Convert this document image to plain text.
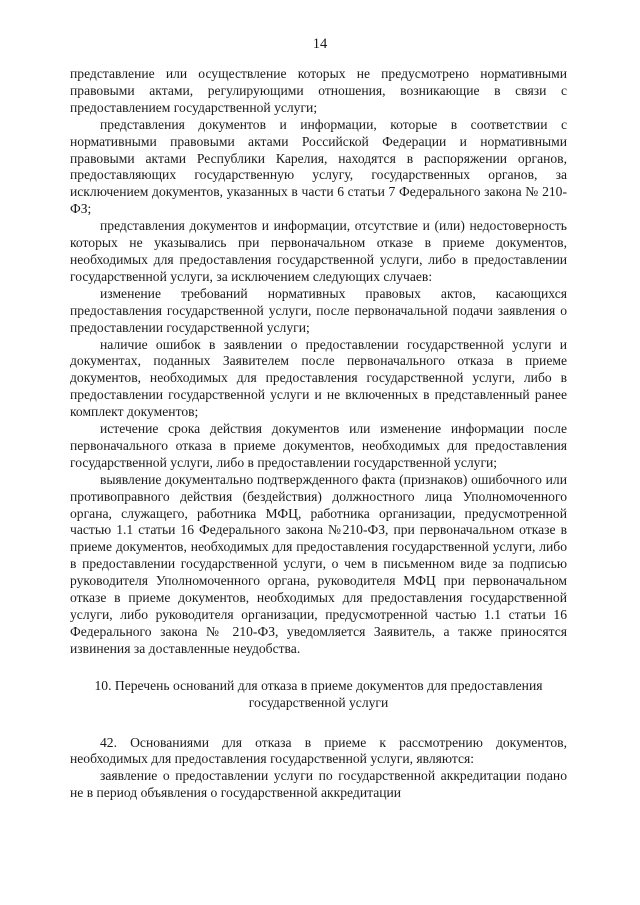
14

представление или осуществление которых не предусмотрено нормативными правовыми актами, регулирующими отношения, возникающие в связи с предоставлением государственной услуги;

представления документов и информации, которые в соответствии с нормативными правовыми актами Российской Федерации и нормативными правовыми актами Республики Карелия, находятся в распоряжении органов, предоставляющих государственную услугу, государственных органов, за исключением документов, указанных в части 6 статьи 7 Федерального закона № 210-ФЗ;

представления документов и информации, отсутствие и (или) недостоверность которых не указывались при первоначальном отказе в приеме документов, необходимых для предоставления государственной услуги, либо в предоставлении государственной услуги, за исключением следующих случаев:

изменение требований нормативных правовых актов, касающихся предоставления государственной услуги, после первоначальной подачи заявления о предоставлении государственной услуги;

наличие ошибок в заявлении о предоставлении государственной услуги и документах, поданных Заявителем после первоначального отказа в приеме документов, необходимых для предоставления государственной услуги, либо в предоставлении государственной услуги и не включенных в представленный ранее комплект документов;

истечение срока действия документов или изменение информации после первоначального отказа в приеме документов, необходимых для предоставления государственной услуги, либо в предоставлении государственной услуги;

выявление документально подтвержденного факта (признаков) ошибочного или противоправного действия (бездействия) должностного лица Уполномоченного органа, служащего, работника МФЦ, работника организации, предусмотренной частью 1.1 статьи 16 Федерального закона №210-ФЗ, при первоначальном отказе в приеме документов, необходимых для предоставления государственной услуги, либо в предоставлении государственной услуги, о чем в письменном виде за подписью руководителя Уполномоченного органа, руководителя МФЦ при первоначальном отказе в приеме документов, необходимых для предоставления государственной услуги, либо руководителя организации, предусмотренной частью 1.1 статьи 16 Федерального закона № 210-ФЗ, уведомляется Заявитель, а также приносятся извинения за доставленные неудобства.

10. Перечень оснований для отказа в приеме документов для предоставления государственной услуги

42. Основаниями для отказа в приеме к рассмотрению документов, необходимых для предоставления государственной услуги, являются:

заявление о предоставлении услуги по государственной аккредитации подано не в период объявления о государственной аккредитации
